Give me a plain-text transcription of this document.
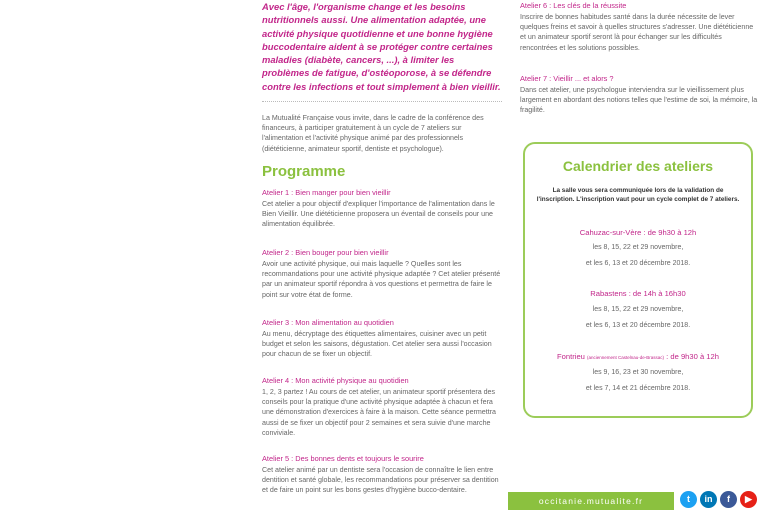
Avec l'âge, l'organisme change et les besoins nutritionnels aussi. Une alimentation adaptée, une activité physique quotidienne et une bonne hygiène buccodentaire aident à se protéger contre certaines maladies (diabète, cancers, ...), à limiter les problèmes de fatigue, d'ostéoporose, à se défendre contre les infections et tout simplement à bien vieillir.

La Mutualité Française vous invite, dans le cadre de la conférence des financeurs, à participer gratuitement à un cycle de 7 ateliers sur l'alimentation et l'activité physique animé par des professionnels (diététicienne, animateur sportif, dentiste et psychologue).

Programme
Atelier 1 : Bien manger pour bien vieillir

Cet atelier a pour objectif d'expliquer l'importance de l'alimentation dans le Bien Vieillir. Une diététicienne proposera un éventail de conseils pour une alimentation équilibrée.

Atelier 2 : Bien bouger pour bien vieillir

Avoir une activité physique, oui mais laquelle ? Quelles sont les recommandations pour une activité physique adaptée ? Cet atelier présenté par un animateur sportif répondra à vos questions et permettra de faire le point sur votre état de forme.

Atelier 3 : Mon alimentation au quotidien

Au menu, décryptage des étiquettes alimentaires, cuisiner avec un petit budget et selon les saisons, dégustation. Cet atelier sera aussi l'occasion pour chacun de se fixer un objectif.

Atelier 4 : Mon activité physique au quotidien

1, 2, 3 partez ! Au cours de cet atelier, un animateur sportif présentera des conseils pour la pratique d'une activité physique adaptée à chacun et fera une démonstration d'exercices à faire à la maison. Cette séance permettra aussi de se fixer un objectif pour 2 semaines et sera suivie d'une marche conviviale.

Atelier 5 : Des bonnes dents et toujours le sourire

Cet atelier animé par un dentiste sera l'occasion de connaître le lien entre dentition et santé globale, les recommandations pour préserver sa dentition et de faire un point sur les bons gestes d'hygiène bucco-dentaire.

Atelier 6 : Les clés de la réussite

Inscrire de bonnes habitudes santé dans la durée nécessite de lever quelques freins et savoir à quelles structures s'adresser. Une diététicienne et un animateur sportif seront là pour échanger sur les difficultés rencontrées et les solutions possibles.

Atelier 7 : Vieillir ... et alors ?

Dans cet atelier, une psychologue interviendra sur le vieillissement plus largement en abordant des notions telles que l'estime de soi, la mémoire, la fragilité.

Calendrier des ateliers

La salle vous sera communiquée lors de la validation de l'inscription. L'inscription vaut pour un cycle complet de 7 ateliers.

Cahuzac-sur-Vère : de 9h30 à 12h

les 8, 15, 22 et 29 novembre,

et les 6, 13 et 20 décembre 2018.

Rabastens : de 14h à 16h30

les 8, 15, 22 et 29 novembre,

et les 6, 13 et 20 décembre 2018.

Fontrieu (anciennement Castelnau-de-Brassac) : de 9h30 à 12h

les 9, 16, 23 et 30 novembre,

et les 7, 14 et 21 décembre 2018.

occitanie.mutualite.fr	t	in	f	▶
